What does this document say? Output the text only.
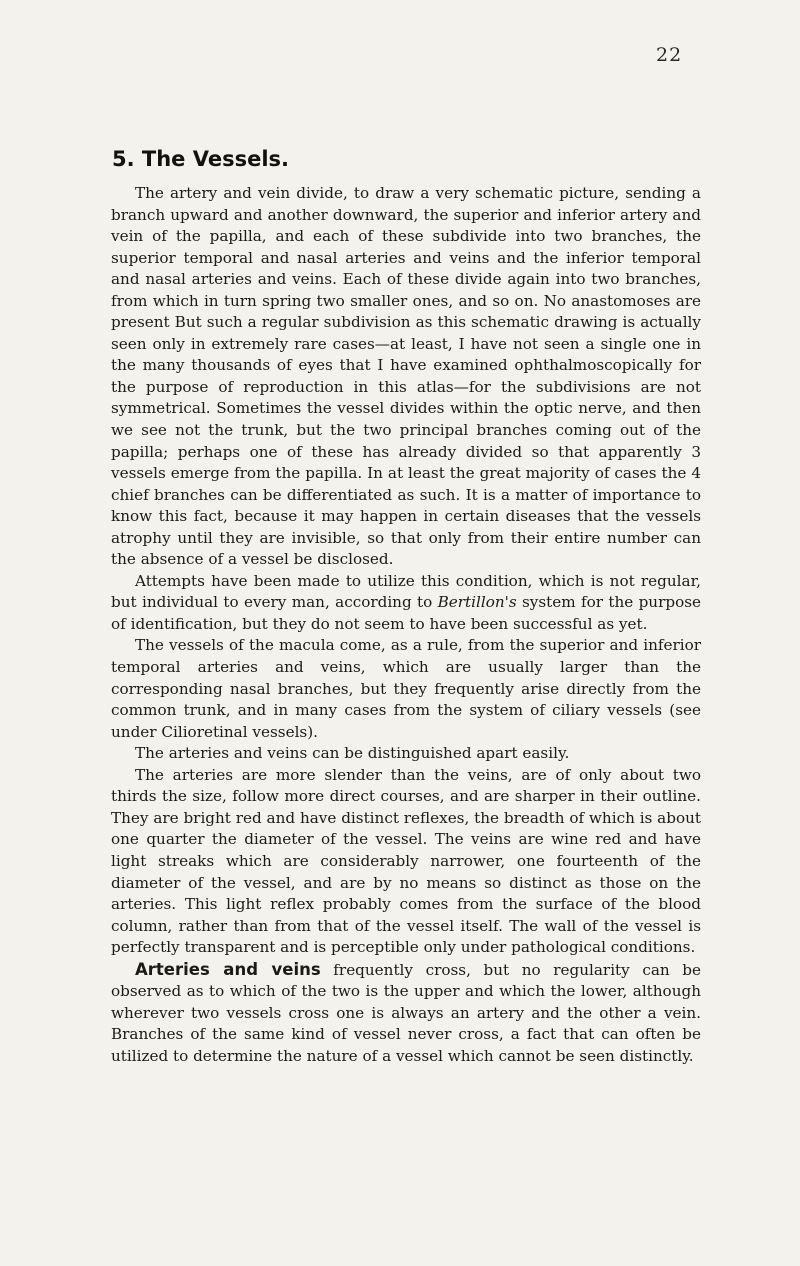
22
5. The Vessels.

The artery and vein divide, to draw a very schematic picture, sending a branch upward and another downward, the superior and inferior artery and vein of the papilla, and each of these subdivide into two branches, the superior temporal and nasal arteries and veins and the inferior temporal and nasal arteries and veins. Each of these divide again into two branches, from which in turn spring two smaller ones, and so on. No anastomoses are present But such a regular subdivision as this schematic drawing is actually seen only in extremely rare cases—at least, I have not seen a single one in the many thousands of eyes that I have examined ophthalmoscopically for the purpose of reproduction in this atlas—for the subdivisions are not symmetrical. Sometimes the vessel divides within the optic nerve, and then we see not the trunk, but the two principal branches coming out of the papilla; perhaps one of these has already divided so that apparently 3 vessels emerge from the papilla. In at least the great majority of cases the 4 chief branches can be differentiated as such. It is a matter of importance to know this fact, because it may happen in certain diseases that the vessels atrophy until they are invisible, so that only from their entire number can the absence of a vessel be disclosed.

Attempts have been made to utilize this condition, which is not regular, but individual to every man, according to Bertillon's system for the purpose of identification, but they do not seem to have been successful as yet.

The vessels of the macula come, as a rule, from the superior and inferior temporal arteries and veins, which are usually larger than the corresponding nasal branches, but they frequently arise directly from the common trunk, and in many cases from the system of ciliary vessels (see under Cilioretinal vessels).

The arteries and veins can be distinguished apart easily.

The arteries are more slender than the veins, are of only about two thirds the size, follow more direct courses, and are sharper in their outline. They are bright red and have distinct reflexes, the breadth of which is about one quarter the diameter of the vessel. The veins are wine red and have light streaks which are considerably narrower, one fourteenth of the diameter of the vessel, and are by no means so distinct as those on the arteries. This light reflex probably comes from the surface of the blood column, rather than from that of the vessel itself. The wall of the vessel is perfectly transparent and is perceptible only under pathological conditions.

Arteries and veins frequently cross, but no regularity can be observed as to which of the two is the upper and which the lower, although wherever two vessels cross one is always an artery and the other a vein. Branches of the same kind of vessel never cross, a fact that can often be utilized to determine the nature of a vessel which cannot be seen distinctly.
